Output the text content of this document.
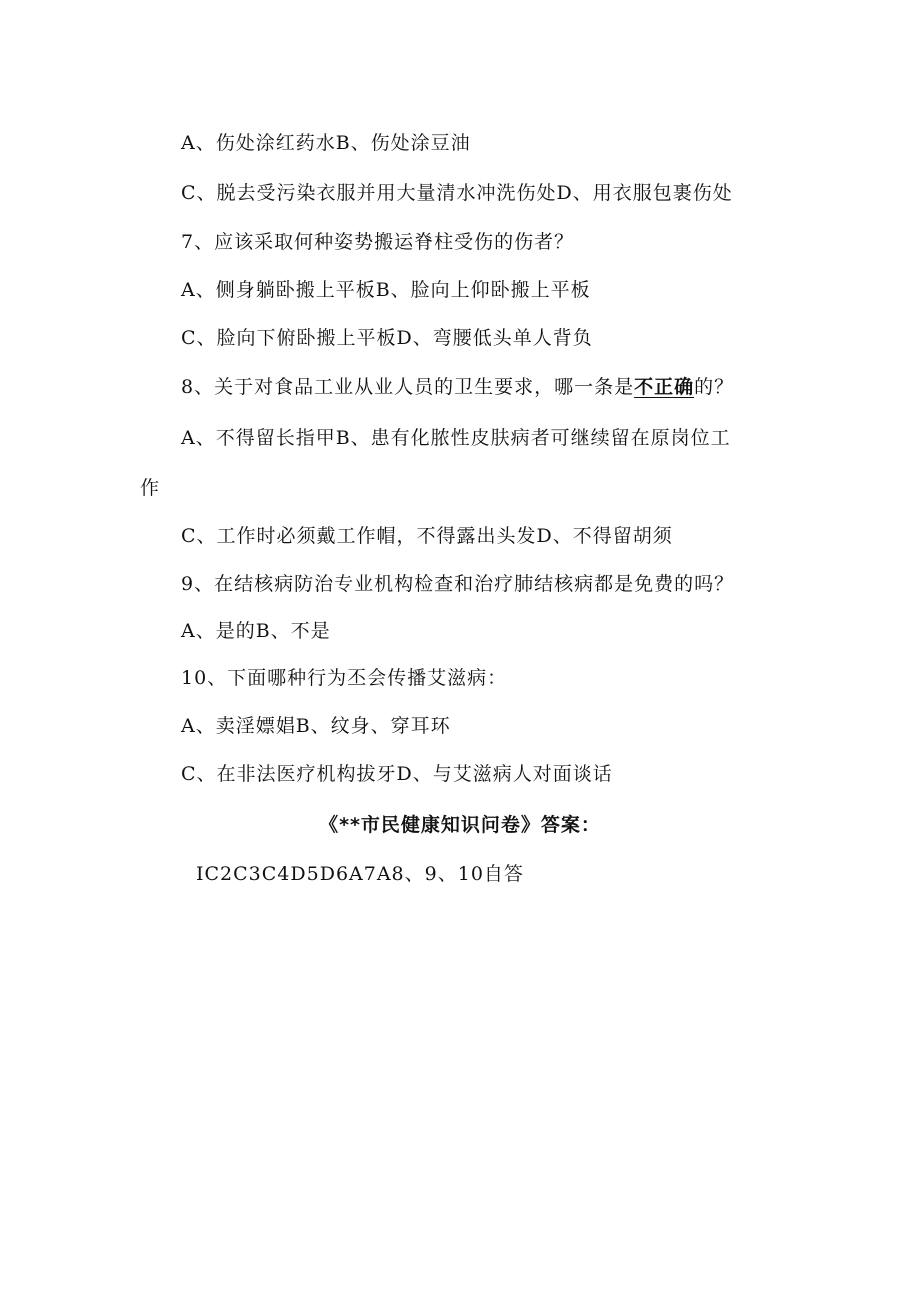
A、伤处涂红药水B、伤处涂豆油
C、脱去受污染衣服并用大量清水冲洗伤处D、用衣服包裹伤处
7、应该采取何种姿势搬运脊柱受伤的伤者？
A、侧身躺卧搬上平板B、脸向上仰卧搬上平板
C、脸向下俯卧搬上平板D、弯腰低头单人背负
8、关于对食品工业从业人员的卫生要求，哪一条是不正确的？
A、不得留长指甲B、患有化脓性皮肤病者可继续留在原岗位工
作
C、工作时必须戴工作帽，不得露出头发D、不得留胡须
9、在结核病防治专业机构检查和治疗肺结核病都是免费的吗？
A、是的B、不是
10、下面哪种行为丕会传播艾滋病：
A、卖淫嫖娼B、纹身、穿耳环
C、在非法医疗机构拔牙D、与艾滋病人对面谈话
《**市民健康知识问卷》答案：
IC2C3C4D5D6A7A8、9、10自答
